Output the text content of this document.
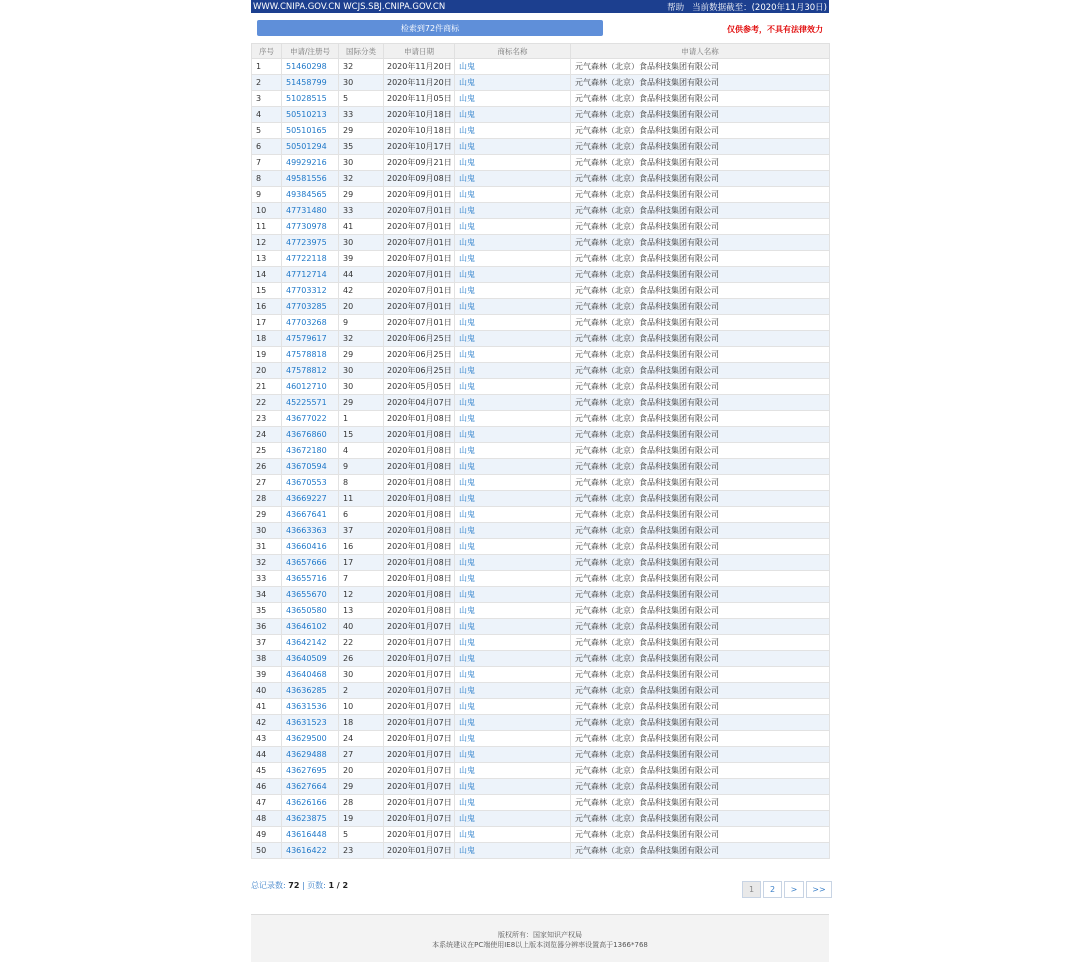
WWW.CNIPA.GOV.CN WCJS.SBJ.CNIPA.GOV.CN	帮助 当前数据截至：(2020年11月30日)
检索到72件商标	仅供参考，不具有法律效力
序号	申请/注册号	国际分类	申请日期	商标名称	申请人名称
1	51460298	32	2020年11月20日	山鬼	元气森林（北京）食品科技集团有限公司
2	51458799	30	2020年11月20日	山鬼	元气森林（北京）食品科技集团有限公司
3	51028515	5	2020年11月05日	山鬼	元气森林（北京）食品科技集团有限公司
4	50510213	33	2020年10月18日	山鬼	元气森林（北京）食品科技集团有限公司
5	50510165	29	2020年10月18日	山鬼	元气森林（北京）食品科技集团有限公司
6	50501294	35	2020年10月17日	山鬼	元气森林（北京）食品科技集团有限公司
7	49929216	30	2020年09月21日	山鬼	元气森林（北京）食品科技集团有限公司
8	49581556	32	2020年09月08日	山鬼	元气森林（北京）食品科技集团有限公司
9	49384565	29	2020年09月01日	山鬼	元气森林（北京）食品科技集团有限公司
10	47731480	33	2020年07月01日	山鬼	元气森林（北京）食品科技集团有限公司
11	47730978	41	2020年07月01日	山鬼	元气森林（北京）食品科技集团有限公司
12	47723975	30	2020年07月01日	山鬼	元气森林（北京）食品科技集团有限公司
13	47722118	39	2020年07月01日	山鬼	元气森林（北京）食品科技集团有限公司
14	47712714	44	2020年07月01日	山鬼	元气森林（北京）食品科技集团有限公司
15	47703312	42	2020年07月01日	山鬼	元气森林（北京）食品科技集团有限公司
16	47703285	20	2020年07月01日	山鬼	元气森林（北京）食品科技集团有限公司
17	47703268	9	2020年07月01日	山鬼	元气森林（北京）食品科技集团有限公司
18	47579617	32	2020年06月25日	山鬼	元气森林（北京）食品科技集团有限公司
19	47578818	29	2020年06月25日	山鬼	元气森林（北京）食品科技集团有限公司
20	47578812	30	2020年06月25日	山鬼	元气森林（北京）食品科技集团有限公司
21	46012710	30	2020年05月05日	山鬼	元气森林（北京）食品科技集团有限公司
22	45225571	29	2020年04月07日	山鬼	元气森林（北京）食品科技集团有限公司
23	43677022	1	2020年01月08日	山鬼	元气森林（北京）食品科技集团有限公司
24	43676860	15	2020年01月08日	山鬼	元气森林（北京）食品科技集团有限公司
25	43672180	4	2020年01月08日	山鬼	元气森林（北京）食品科技集团有限公司
26	43670594	9	2020年01月08日	山鬼	元气森林（北京）食品科技集团有限公司
27	43670553	8	2020年01月08日	山鬼	元气森林（北京）食品科技集团有限公司
28	43669227	11	2020年01月08日	山鬼	元气森林（北京）食品科技集团有限公司
29	43667641	6	2020年01月08日	山鬼	元气森林（北京）食品科技集团有限公司
30	43663363	37	2020年01月08日	山鬼	元气森林（北京）食品科技集团有限公司
31	43660416	16	2020年01月08日	山鬼	元气森林（北京）食品科技集团有限公司
32	43657666	17	2020年01月08日	山鬼	元气森林（北京）食品科技集团有限公司
33	43655716	7	2020年01月08日	山鬼	元气森林（北京）食品科技集团有限公司
34	43655670	12	2020年01月08日	山鬼	元气森林（北京）食品科技集团有限公司
35	43650580	13	2020年01月08日	山鬼	元气森林（北京）食品科技集团有限公司
36	43646102	40	2020年01月07日	山鬼	元气森林（北京）食品科技集团有限公司
37	43642142	22	2020年01月07日	山鬼	元气森林（北京）食品科技集团有限公司
38	43640509	26	2020年01月07日	山鬼	元气森林（北京）食品科技集团有限公司
39	43640468	30	2020年01月07日	山鬼	元气森林（北京）食品科技集团有限公司
40	43636285	2	2020年01月07日	山鬼	元气森林（北京）食品科技集团有限公司
41	43631536	10	2020年01月07日	山鬼	元气森林（北京）食品科技集团有限公司
42	43631523	18	2020年01月07日	山鬼	元气森林（北京）食品科技集团有限公司
43	43629500	24	2020年01月07日	山鬼	元气森林（北京）食品科技集团有限公司
44	43629488	27	2020年01月07日	山鬼	元气森林（北京）食品科技集团有限公司
45	43627695	20	2020年01月07日	山鬼	元气森林（北京）食品科技集团有限公司
46	43627664	29	2020年01月07日	山鬼	元气森林（北京）食品科技集团有限公司
47	43626166	28	2020年01月07日	山鬼	元气森林（北京）食品科技集团有限公司
48	43623875	19	2020年01月07日	山鬼	元气森林（北京）食品科技集团有限公司
49	43616448	5	2020年01月07日	山鬼	元气森林（北京）食品科技集团有限公司
50	43616422	23	2020年01月07日	山鬼	元气森林（北京）食品科技集团有限公司
总记录数: 72 | 页数: 1 / 2	1	2	>	>>
版权所有：国家知识产权局
本系统建议在PC端使用IE8以上版本浏览器分辨率设置高于1366*768
